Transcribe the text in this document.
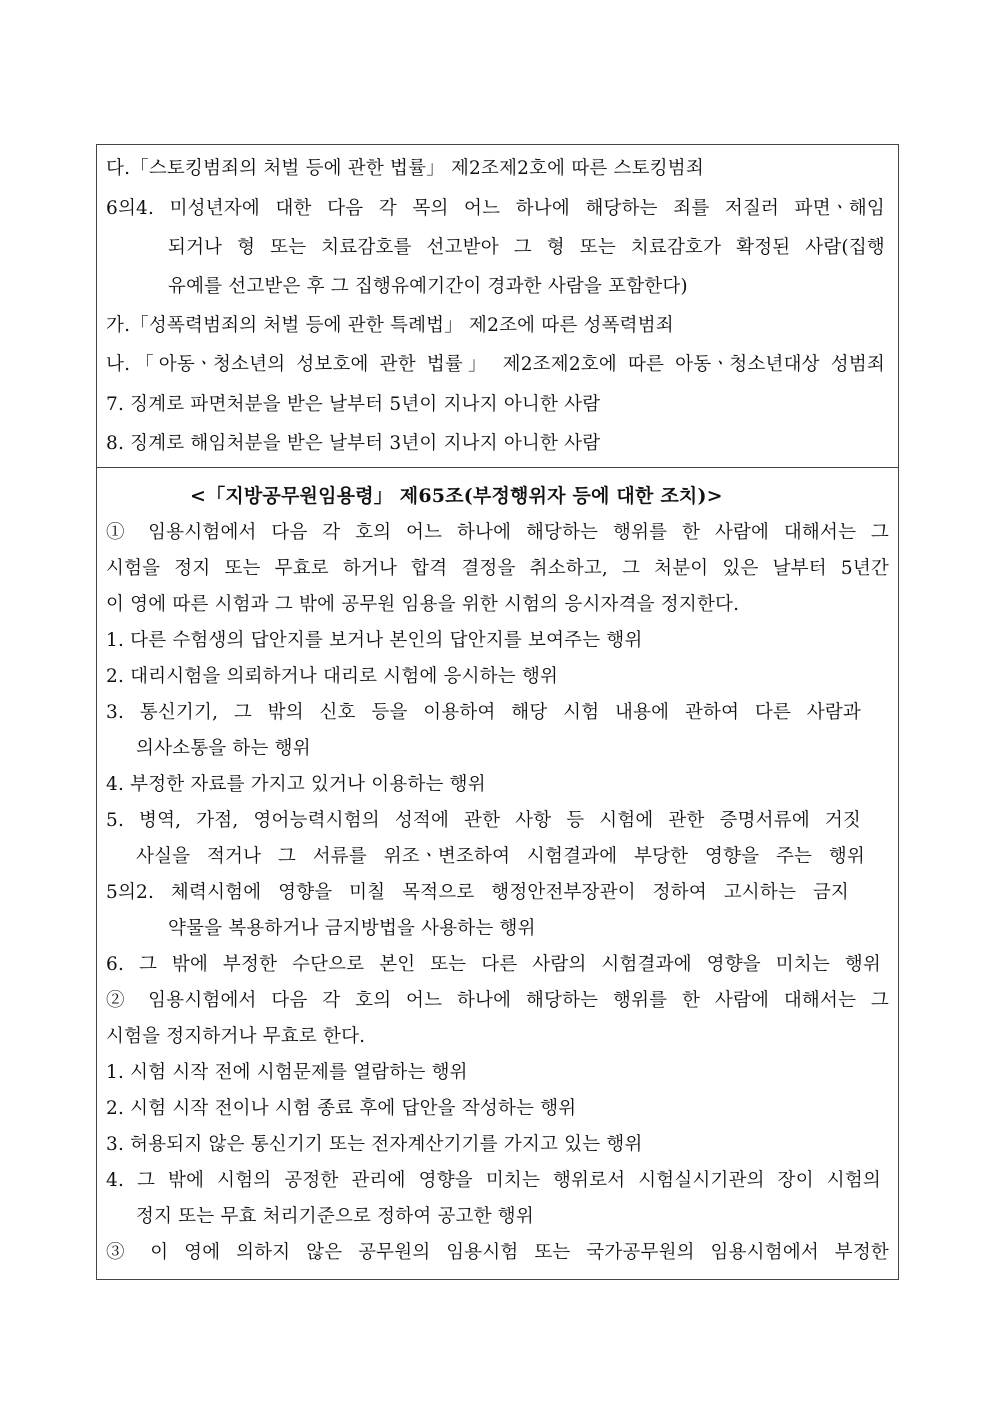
다.「스토킹범죄의 처벌 등에 관한 법률」 제2조제2호에 따른 스토킹범죄
6의4. 미성년자에 대한 다음 각 목의 어느 하나에 해당하는 죄를 저질러 파면ㆍ해임
되거나 형 또는 치료감호를 선고받아 그 형 또는 치료감호가 확정된 사람(집행
유예를 선고받은 후 그 집행유예기간이 경과한 사람을 포함한다)
가.「성폭력범죄의 처벌 등에 관한 특례법」 제2조에 따른 성폭력범죄
나.「아동ㆍ청소년의 성보호에 관한 법률」 제2조제2호에 따른 아동ㆍ청소년대상 성범죄
7. 징계로 파면처분을 받은 날부터 5년이 지나지 아니한 사람
8. 징계로 해임처분을 받은 날부터 3년이 지나지 아니한 사람
<「지방공무원임용령」 제65조(부정행위자 등에 대한 조치)>
① 임용시험에서 다음 각 호의 어느 하나에 해당하는 행위를 한 사람에 대해서는 그
시험을 정지 또는 무효로 하거나 합격 결정을 취소하고, 그 처분이 있은 날부터 5년간
이 영에 따른 시험과 그 밖에 공무원 임용을 위한 시험의 응시자격을 정지한다.
1. 다른 수험생의 답안지를 보거나 본인의 답안지를 보여주는 행위
2. 대리시험을 의뢰하거나 대리로 시험에 응시하는 행위
3. 통신기기, 그 밖의 신호 등을 이용하여 해당 시험 내용에 관하여 다른 사람과
의사소통을 하는 행위
4. 부정한 자료를 가지고 있거나 이용하는 행위
5. 병역, 가점, 영어능력시험의 성적에 관한 사항 등 시험에 관한 증명서류에 거짓
사실을 적거나 그 서류를 위조ㆍ변조하여 시험결과에 부당한 영향을 주는 행위
5의2. 체력시험에 영향을 미칠 목적으로 행정안전부장관이 정하여 고시하는 금지
약물을 복용하거나 금지방법을 사용하는 행위
6. 그 밖에 부정한 수단으로 본인 또는 다른 사람의 시험결과에 영향을 미치는 행위
② 임용시험에서 다음 각 호의 어느 하나에 해당하는 행위를 한 사람에 대해서는 그
시험을 정지하거나 무효로 한다.
1. 시험 시작 전에 시험문제를 열람하는 행위
2. 시험 시작 전이나 시험 종료 후에 답안을 작성하는 행위
3. 허용되지 않은 통신기기 또는 전자계산기기를 가지고 있는 행위
4. 그 밖에 시험의 공정한 관리에 영향을 미치는 행위로서 시험실시기관의 장이 시험의
정지 또는 무효 처리기준으로 정하여 공고한 행위
③ 이 영에 의하지 않은 공무원의 임용시험 또는 국가공무원의 임용시험에서 부정한
